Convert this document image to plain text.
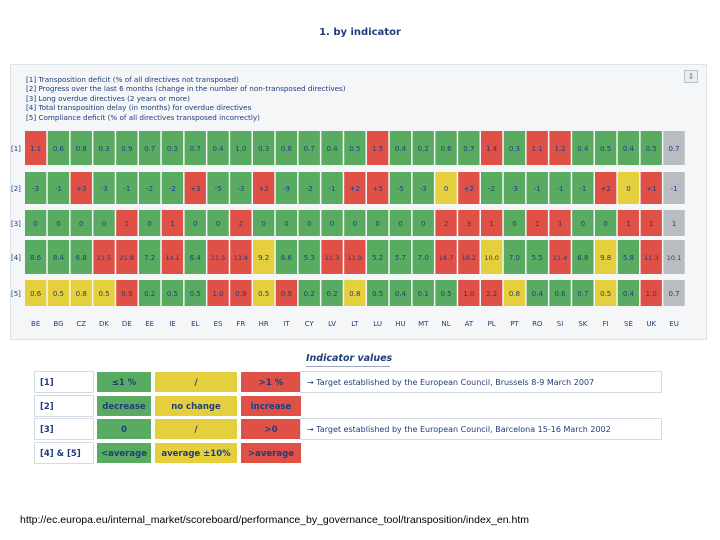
1. by indicator
[1] Transposition deficit (% of all directives not transposed)
[2] Progress over the last 6 months (change in the number of non-transposed directives)
[3] Long overdue directives (2 years or more)
[4] Total transposition delay (in months) for overdue directives
[5] Compliance deficit (% of all directives transposed incorrectly)
⇩
[1] 1.1 0.6 0.8 0.3 0.9 0.7 0.3 0.7 0.4 1.0 0.3 0.8 0.7 0.4 0.5 1.5 0.4 0.2 0.6 0.7 1.4 0.3 1.1 1.2 0.4 0.5 0.4 0.5 0.7
[2] -3 -1 +3 -3 -1 -2 -2 +3 -5 -3 +2 -9 -2 -1 +2 +5 -5 -3 0 +2 -2 -3 -1 -1 -1 +2 0 +1 -1
[3] 0	0	0	0	1	0	1	0	0	2	0	0	0	0	0	0	0	0	2	3	1	0	1	1	0	0	1	1	1
[4] 8.6 8.4 6.8 11.5 21.8 7.2 14.1 6.4 11.5 13.4 9.2 6.6 5.3 11.3 11.9 5.2 5.7 7.0 14.7 18.2 10.0 7.0 5.5 11.4 6.8 9.8 5.8 11.3 10.1
[5] 0.6 0.5 0.8 0.5 0.9 0.2 0.5 0.5 1.0 0.9 0.5 0.9 0.2 0.2 0.8 0.5 0.4 0.1 0.5 1.0 2.2 0.8 0.4 0.6 0.7 0.5 0.4 1.0 0.7
BE BG CZ DK DE EE IE EL ES FR HR IT CY LV LT LU HU MT NL AT PL PT RO SI SK FI SE UK EU
Indicator values
[1]	≤1 %	/	>1 %	→ Target established by the European Council, Brussels 8-9 March 2007
[2]	decrease	no change	increase
[3]	0	/	>0	→ Target established by the European Council, Barcelona 15-16 March 2002
[4] & [5]	<average	average ±10%	>average
http://ec.europa.eu/internal_market/scoreboard/performance_by_governance_tool/transposition/index_en.htm
